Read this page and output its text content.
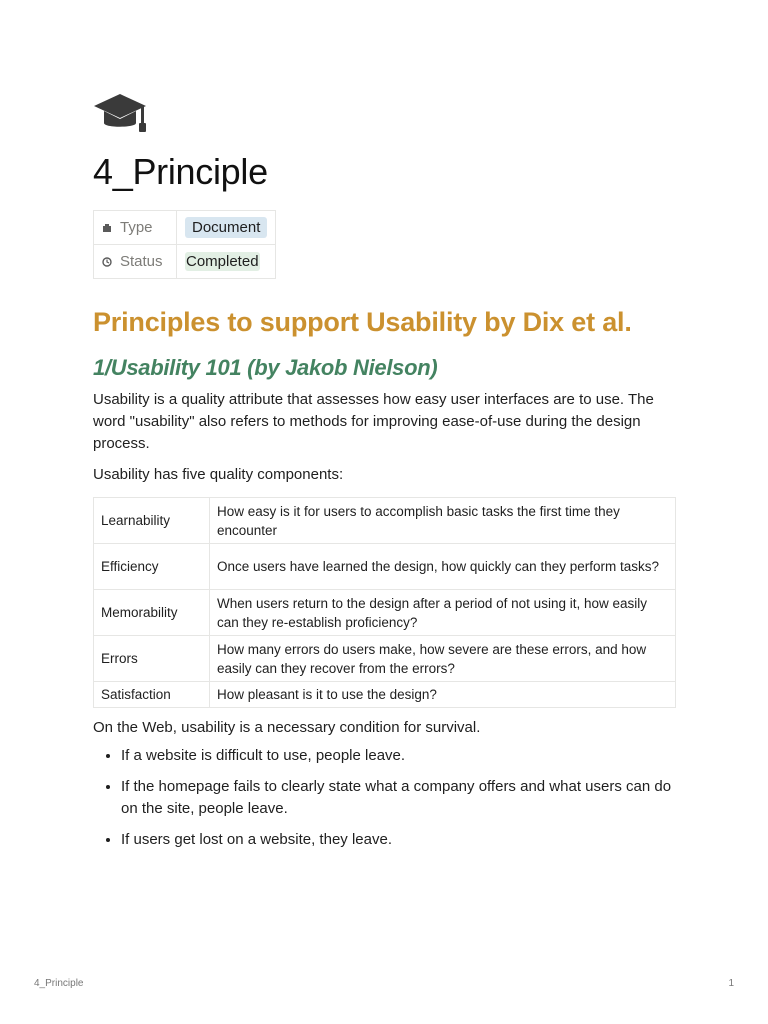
4_Principle
Type	Document
Status	Completed
Principles to support Usability by Dix et al.
1/Usability 101 (by Jakob Nielson)

Usability is a quality attribute that assesses how easy user interfaces are to use. The word "usability" also refers to methods for improving ease-of-use during the design process.

Usability has five quality components:

Learnability	How easy is it for users to accomplish basic tasks the first time they encounter
Efficiency	Once users have learned the design, how quickly can they perform tasks?
Memorability	When users return to the design after a period of not using it, how easily can they re-establish proficiency?
Errors	How many errors do users make, how severe are these errors, and how easily can they recover from the errors?
Satisfaction	How pleasant is it to use the design?

On the Web, usability is a necessary condition for survival.

• If a website is difficult to use, people leave.
• If the homepage fails to clearly state what a company offers and what users can do on the site, people leave.
• If users get lost on a website, they leave.
4_Principle	1
